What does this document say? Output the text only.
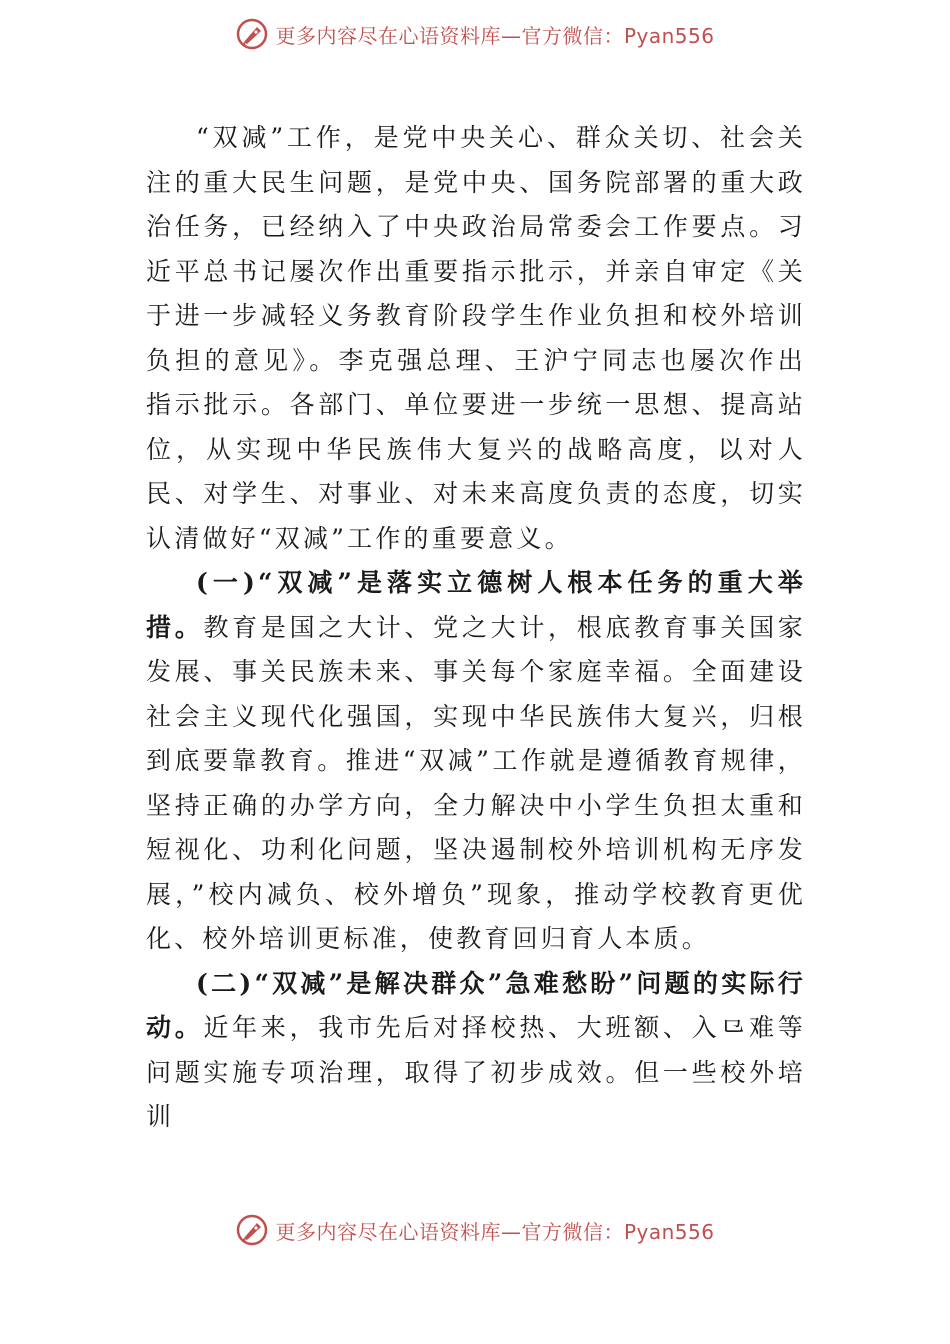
更多内容尽在心语资料库—官方微信：Pyan556

“双减”工作，是党中央关心、群众关切、社会关注的重大民生问题，是党中央、国务院部署的重大政治任务，已经纳入了中央政治局常委会工作要点。习近平总书记屡次作出重要指示批示，并亲自审定《关于进一步减轻义务教育阶段学生作业负担和校外培训负担的意见》。李克强总理、王沪宁同志也屡次作出指示批示。各部门、单位要进一步统一思想、提高站位，从实现中华民族伟大复兴的战略高度，以对人民、对学生、对事业、对未来高度负责的态度，切实认清做好“双减”工作的重要意义。

(一)“双减”是落实立德树人根本任务的重大举措。教育是国之大计、党之大计，根底教育事关国家发展、事关民族未来、事关每个家庭幸福。全面建设社会主义现代化强国，实现中华民族伟大复兴，归根到底要靠教育。推进“双减”工作就是遵循教育规律，坚持正确的办学方向，全力解决中小学生负担太重和短视化、功利化问题，坚决遏制校外培训机构无序发展，”校内减负、校外增负”现象，推动学校教育更优化、校外培训更标准，使教育回归育人本质。

(二)“双减”是解决群众”急难愁盼”问题的实际行动。近年来，我市先后对择校热、大班额、入⺋难等问题实施专项治理，取得了初步成效。但一些校外培训

更多内容尽在心语资料库—官方微信：Pyan556
